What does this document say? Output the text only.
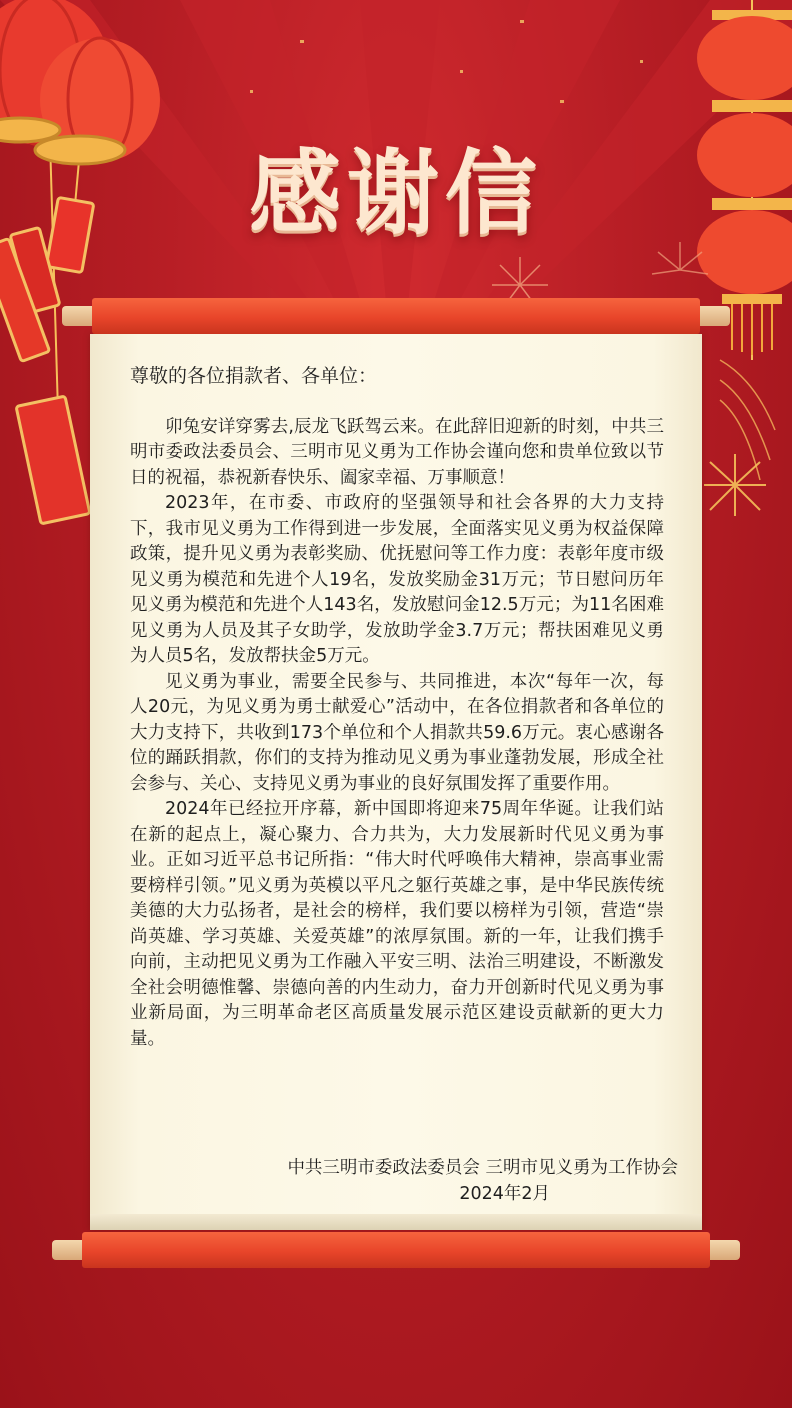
感谢信
尊敬的各位捐款者、各单位：

卯兔安详穿雾去,辰龙飞跃驾云来。在此辞旧迎新的时刻，中共三明市委政法委员会、三明市见义勇为工作协会谨向您和贵单位致以节日的祝福，恭祝新春快乐、阖家幸福、万事顺意！

2023年，在市委、市政府的坚强领导和社会各界的大力支持下，我市见义勇为工作得到进一步发展，全面落实见义勇为权益保障政策，提升见义勇为表彰奖励、优抚慰问等工作力度：表彰年度市级见义勇为模范和先进个人19名，发放奖励金31万元；节日慰问历年见义勇为模范和先进个人143名，发放慰问金12.5万元；为11名困难见义勇为人员及其子女助学，发放助学金3.7万元；帮扶困难见义勇为人员5名，发放帮扶金5万元。

见义勇为事业，需要全民参与、共同推进，本次“每年一次，每人20元，为见义勇为勇士献爱心”活动中，在各位捐款者和各单位的大力支持下，共收到173个单位和个人捐款共59.6万元。衷心感谢各位的踊跃捐款，你们的支持为推动见义勇为事业蓬勃发展，形成全社会参与、关心、支持见义勇为事业的良好氛围发挥了重要作用。

2024年已经拉开序幕，新中国即将迎来75周年华诞。让我们站在新的起点上，凝心聚力、合力共为，大力发展新时代见义勇为事业。正如习近平总书记所指：“伟大时代呼唤伟大精神，崇高事业需要榜样引领。”见义勇为英模以平凡之躯行英雄之事，是中华民族传统美德的大力弘扬者，是社会的榜样，我们要以榜样为引领，营造“崇尚英雄、学习英雄、关爱英雄”的浓厚氛围。新的一年，让我们携手向前，主动把见义勇为工作融入平安三明、法治三明建设，不断激发全社会明德惟馨、崇德向善的内生动力，奋力开创新时代见义勇为事业新局面，为三明革命老区高质量发展示范区建设贡献新的更大力量。

中共三明市委政法委员会 三明市见义勇为工作协会
2024年2月
